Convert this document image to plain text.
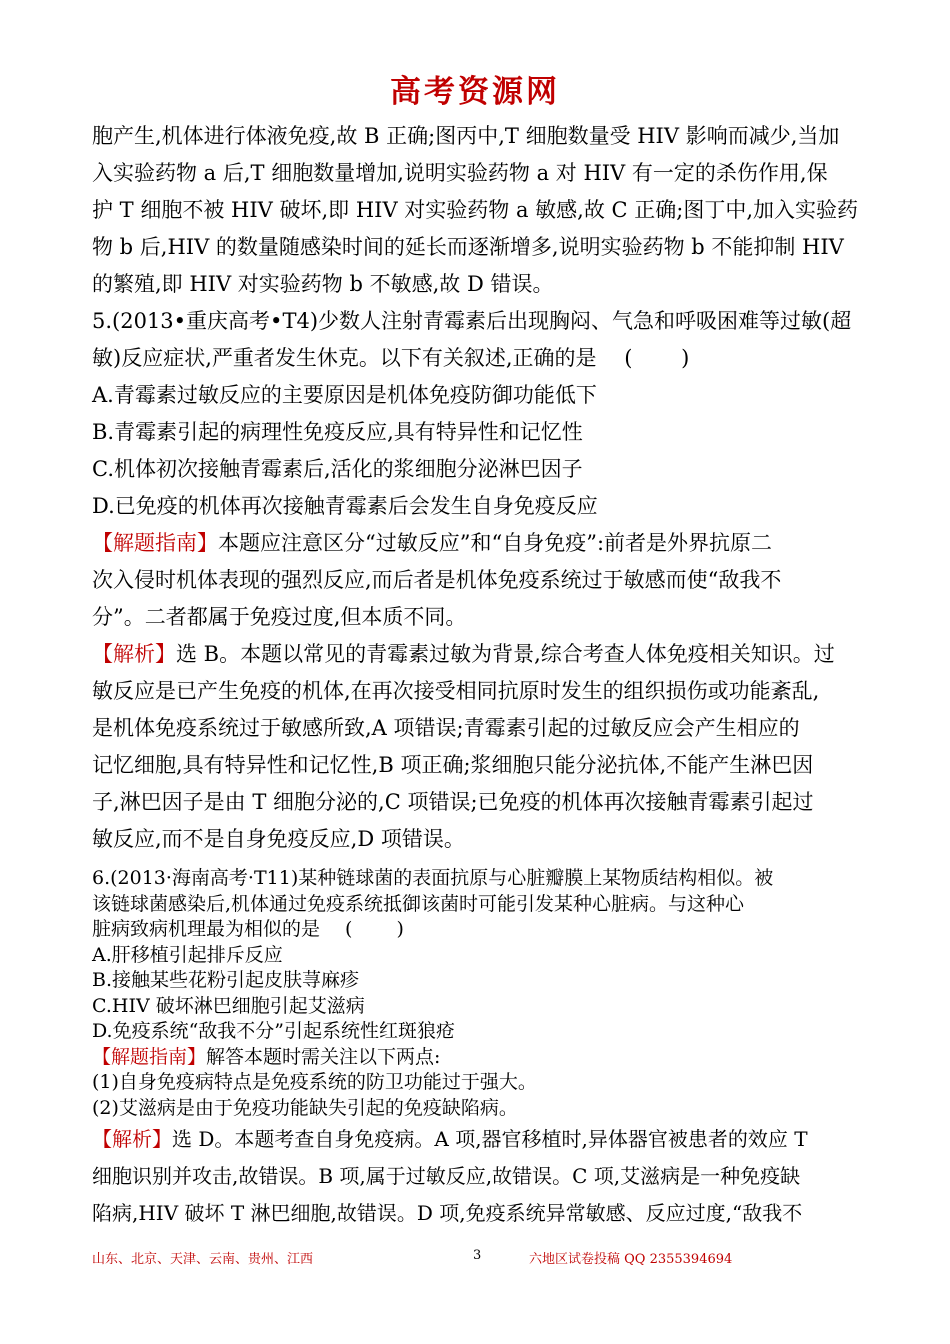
高考资源网

胞产生,机体进行体液免疫,故 B 正确;图丙中,T 细胞数量受 HIV 影响而减少,当加

入实验药物 a 后,T 细胞数量增加,说明实验药物 a 对 HIV 有一定的杀伤作用,保

护 T 细胞不被 HIV 破坏,即 HIV 对实验药物 a 敏感,故 C 正确;图丁中,加入实验药

物 b 后,HIV 的数量随感染时间的延长而逐渐增多,说明实验药物 b 不能抑制 HIV

的繁殖,即 HIV 对实验药物 b 不敏感,故 D 错误。

5.(2013•重庆高考•T4)少数人注射青霉素后出现胸闷、气急和呼吸困难等过敏(超

敏)反应症状,严重者发生休克。以下有关叙述,正确的是　 (　　 )

A.青霉素过敏反应的主要原因是机体免疫防御功能低下

B.青霉素引起的病理性免疫反应,具有特异性和记忆性

C.机体初次接触青霉素后,活化的浆细胞分泌淋巴因子

D.已免疫的机体再次接触青霉素后会发生自身免疫反应

【解题指南】本题应注意区分“过敏反应”和“自身免疫”:前者是外界抗原二

次入侵时机体表现的强烈反应,而后者是机体免疫系统过于敏感而使“敌我不

分”。二者都属于免疫过度,但本质不同。

【解析】选 B。本题以常见的青霉素过敏为背景,综合考查人体免疫相关知识。过

敏反应是已产生免疫的机体,在再次接受相同抗原时发生的组织损伤或功能紊乱,

是机体免疫系统过于敏感所致,A 项错误;青霉素引起的过敏反应会产生相应的

记忆细胞,具有特异性和记忆性,B 项正确;浆细胞只能分泌抗体,不能产生淋巴因

子,淋巴因子是由 T 细胞分泌的,C 项错误;已免疫的机体再次接触青霉素引起过

敏反应,而不是自身免疫反应,D 项错误。

6.(2013·海南高考·T11)某种链球菌的表面抗原与心脏瓣膜上某物质结构相似。被

该链球菌感染后,机体通过免疫系统抵御该菌时可能引发某种心脏病。与这种心

脏病致病机理最为相似的是　 (　　 )

A.肝移植引起排斥反应

B.接触某些花粉引起皮肤荨麻疹

C.HIV 破坏淋巴细胞引起艾滋病

D.免疫系统“敌我不分”引起系统性红斑狼疮

【解题指南】解答本题时需关注以下两点:

(1)自身免疫病特点是免疫系统的防卫功能过于强大。

(2)艾滋病是由于免疫功能缺失引起的免疫缺陷病。

【解析】选 D。本题考查自身免疫病。A 项,器官移植时,异体器官被患者的效应 T

细胞识别并攻击,故错误。B 项,属于过敏反应,故错误。C 项,艾滋病是一种免疫缺

陷病,HIV 破坏 T 淋巴细胞,故错误。D 项,免疫系统异常敏感、反应过度,“敌我不

山东、北京、天津、云南、贵州、江西	3	六地区试卷投稿 QQ 2355394694
